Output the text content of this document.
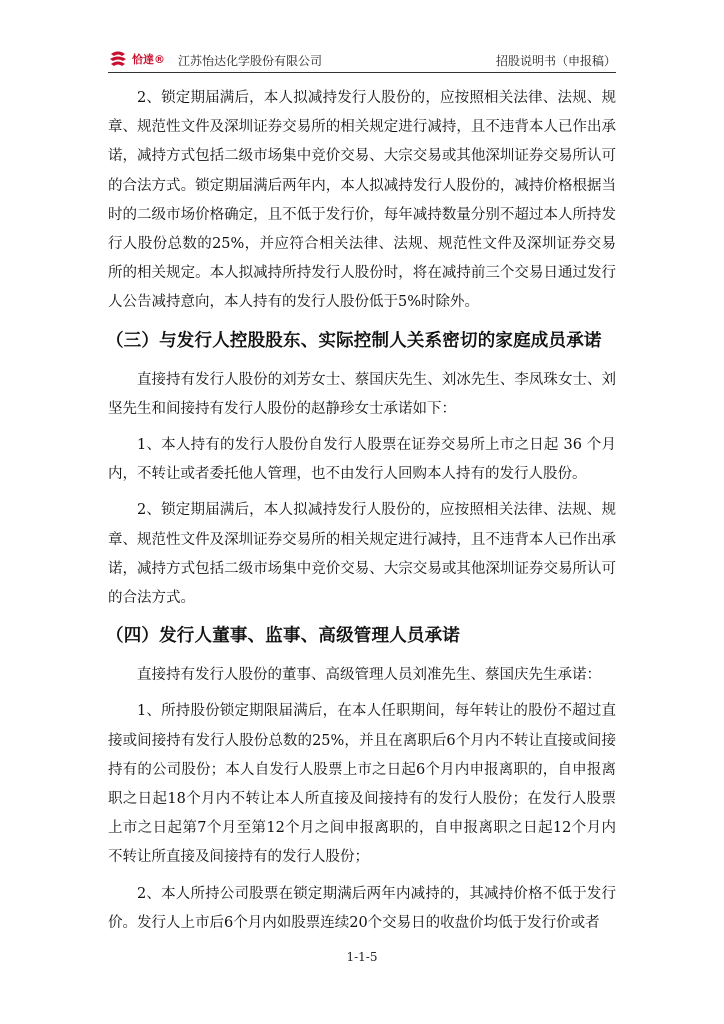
恰達® 江苏怡达化学股份有限公司	招股说明书（申报稿）

2、锁定期届满后，本人拟减持发行人股份的，应按照相关法律、法规、规章、规范性文件及深圳证券交易所的相关规定进行减持，且不违背本人已作出承诺，减持方式包括二级市场集中竞价交易、大宗交易或其他深圳证券交易所认可的合法方式。锁定期届满后两年内，本人拟减持发行人股份的，减持价格根据当时的二级市场价格确定，且不低于发行价，每年减持数量分别不超过本人所持发行人股份总数的25%，并应符合相关法律、法规、规范性文件及深圳证券交易所的相关规定。本人拟减持所持发行人股份时，将在减持前三个交易日通过发行人公告减持意向，本人持有的发行人股份低于5%时除外。

（三）与发行人控股股东、实际控制人关系密切的家庭成员承诺

直接持有发行人股份的刘芳女士、蔡国庆先生、刘冰先生、李凤珠女士、刘坚先生和间接持有发行人股份的赵静珍女士承诺如下：

1、本人持有的发行人股份自发行人股票在证券交易所上市之日起 36 个月内，不转让或者委托他人管理，也不由发行人回购本人持有的发行人股份。

2、锁定期届满后，本人拟减持发行人股份的，应按照相关法律、法规、规章、规范性文件及深圳证券交易所的相关规定进行减持，且不违背本人已作出承诺，减持方式包括二级市场集中竞价交易、大宗交易或其他深圳证券交易所认可的合法方式。

（四）发行人董事、监事、高级管理人员承诺

直接持有发行人股份的董事、高级管理人员刘准先生、蔡国庆先生承诺：

1、所持股份锁定期限届满后，在本人任职期间，每年转让的股份不超过直接或间接持有发行人股份总数的25%，并且在离职后6个月内不转让直接或间接持有的公司股份；本人自发行人股票上市之日起6个月内申报离职的，自申报离职之日起18个月内不转让本人所直接及间接持有的发行人股份；在发行人股票上市之日起第7个月至第12个月之间申报离职的，自申报离职之日起12个月内不转让所直接及间接持有的发行人股份；

2、本人所持公司股票在锁定期满后两年内减持的，其减持价格不低于发行价。发行人上市后6个月内如股票连续20个交易日的收盘价均低于发行价或者

1-1-5
